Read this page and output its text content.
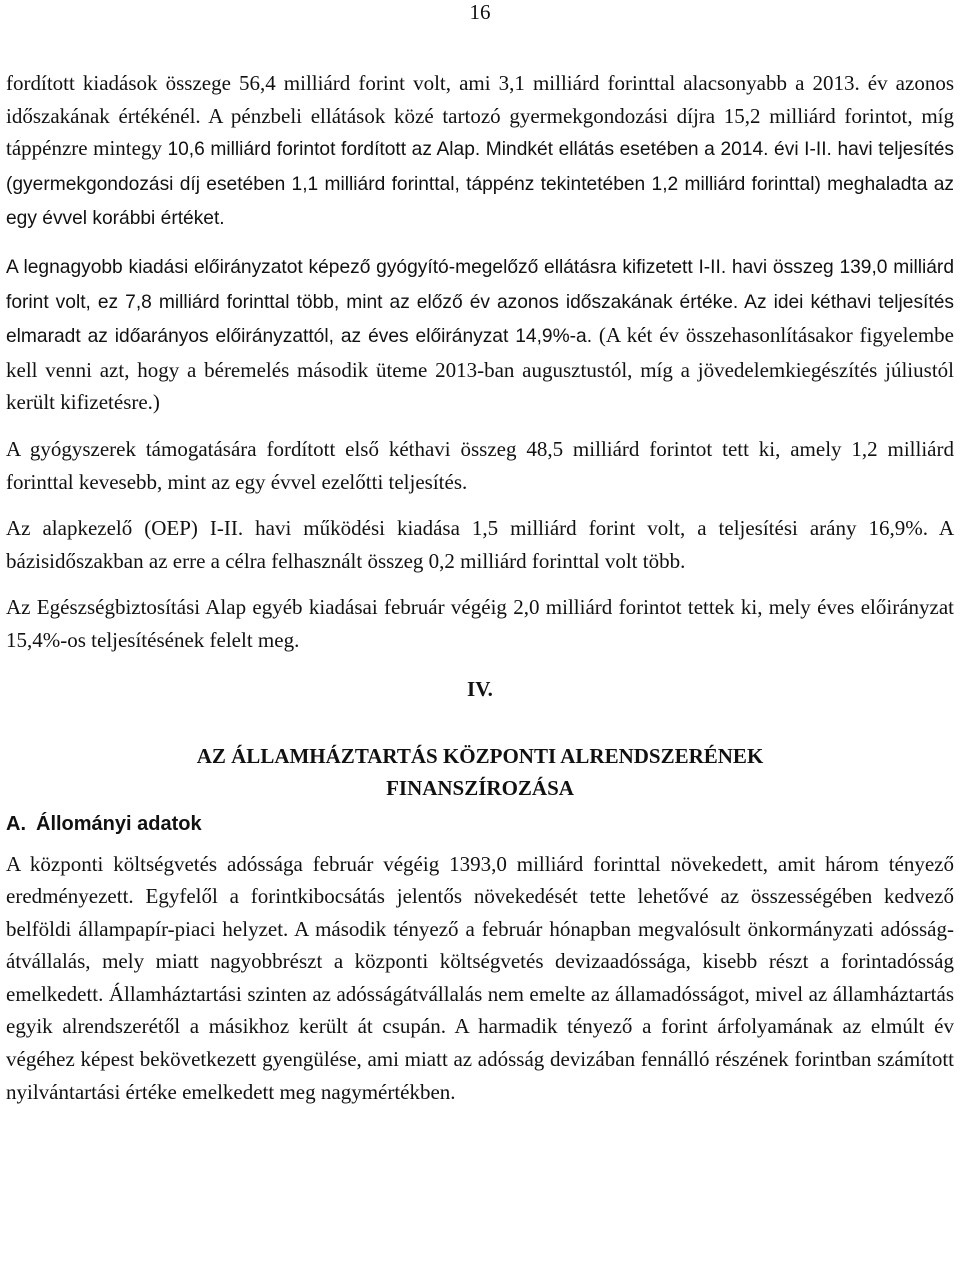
16

fordított kiadások összege 56,4 milliárd forint volt, ami 3,1 milliárd forinttal alacsonyabb a 2013. év azonos időszakának értékénél. A pénzbeli ellátások közé tartozó gyermekgondozási díjra 15,2 milliárd forintot, míg táppénzre mintegy 10,6 milliárd forintot fordított az Alap. Mindkét ellátás esetében a 2014. évi I-II. havi teljesítés (gyermekgondozási díj esetében 1,1 milliárd forinttal, táppénz tekintetében 1,2 milliárd forinttal) meghaladta az egy évvel korábbi értéket.

A legnagyobb kiadási előirányzatot képező gyógyító-megelőző ellátásra kifizetett I-II. havi összeg 139,0 milliárd forint volt, ez 7,8 milliárd forinttal több, mint az előző év azonos időszakának értéke. Az idei kéthavi teljesítés elmaradt az időarányos előirányzattól, az éves előirányzat 14,9%-a. (A két év összehasonlításakor figyelembe kell venni azt, hogy a béremelés második üteme 2013-ban augusztustól, míg a jövedelemkiegészítés júliustól került kifizetésre.)

A gyógyszerek támogatására fordított első kéthavi összeg 48,5 milliárd forintot tett ki, amely 1,2 milliárd forinttal kevesebb, mint az egy évvel ezelőtti teljesítés.

Az alapkezelő (OEP) I-II. havi működési kiadása 1,5 milliárd forint volt, a teljesítési arány 16,9%. A bázisidőszakban az erre a célra felhasznált összeg 0,2 milliárd forinttal volt több.

Az Egészségbiztosítási Alap egyéb kiadásai február végéig 2,0 milliárd forintot tettek ki, mely éves előirányzat 15,4%-os teljesítésének felelt meg.

IV.
AZ ÁLLAMHÁZTARTÁS KÖZPONTI ALRENDSZERÉNEK
FINANSZÍROZÁSA
A. Állományi adatok

A központi költségvetés adóssága február végéig 1393,0 milliárd forinttal növekedett, amit három tényező eredményezett. Egyfelől a forintkibocsátás jelentős növekedését tette lehetővé az összességében kedvező belföldi állampapír-piaci helyzet. A második tényező a február hónapban megvalósult önkormányzati adósság-átvállalás, mely miatt nagyobbrészt a központi költségvetés devizaadóssága, kisebb részt a forintadósság emelkedett. Államháztartási szinten az adósságátvállalás nem emelte az államadósságot, mivel az államháztartás egyik alrendszerétől a másikhoz került át csupán. A harmadik tényező a forint árfolyamának az elmúlt év végéhez képest bekövetkezett gyengülése, ami miatt az adósság devizában fennálló részének forintban számított nyilvántartási értéke emelkedett meg nagymértékben.
